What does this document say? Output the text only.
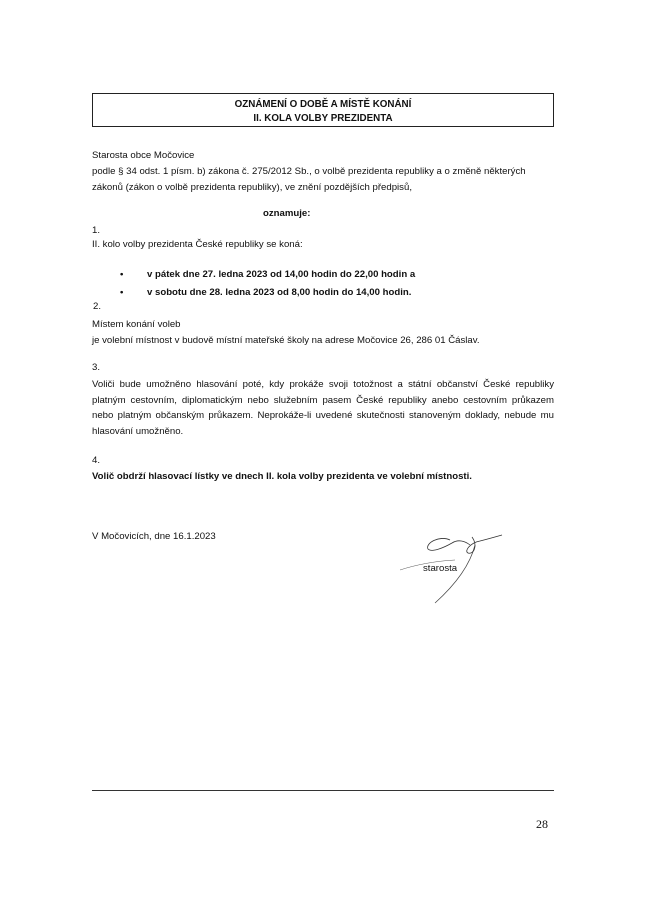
OZNÁMENÍ O DOBĚ A MÍSTĚ KONÁNÍ
II. KOLA VOLBY PREZIDENTA
Starosta obce Močovice
podle § 34 odst. 1 písm. b) zákona č. 275/2012 Sb., o volbě prezidenta republiky a o změně některých
zákonů (zákon o volbě prezidenta republiky), ve znění pozdějších předpisů,
oznamuje:
1.
II. kolo volby prezidenta České republiky se koná:
• v pátek dne 27. ledna 2023 od 14,00 hodin do 22,00 hodin a
• v sobotu dne 28. ledna 2023 od 8,00 hodin do 14,00 hodin.
2.
Místem konání voleb
je volební místnost v budově místní mateřské školy na adrese Močovice 26, 286 01 Čáslav.
3.
Voliči bude umožněno hlasování poté, kdy prokáže svoji totožnost a státní občanství České republiky platným cestovním, diplomatickým nebo služebním pasem České republiky anebo cestovním průkazem nebo platným občanským průkazem. Neprokáže-li uvedené skutečnosti stanoveným doklady, nebude mu hlasování umožněno.
4.
Volič obdrží hlasovací lístky ve dnech II. kola volby prezidenta ve volební místnosti.
V Močovicích, dne 16.1.2023
starosta
28
